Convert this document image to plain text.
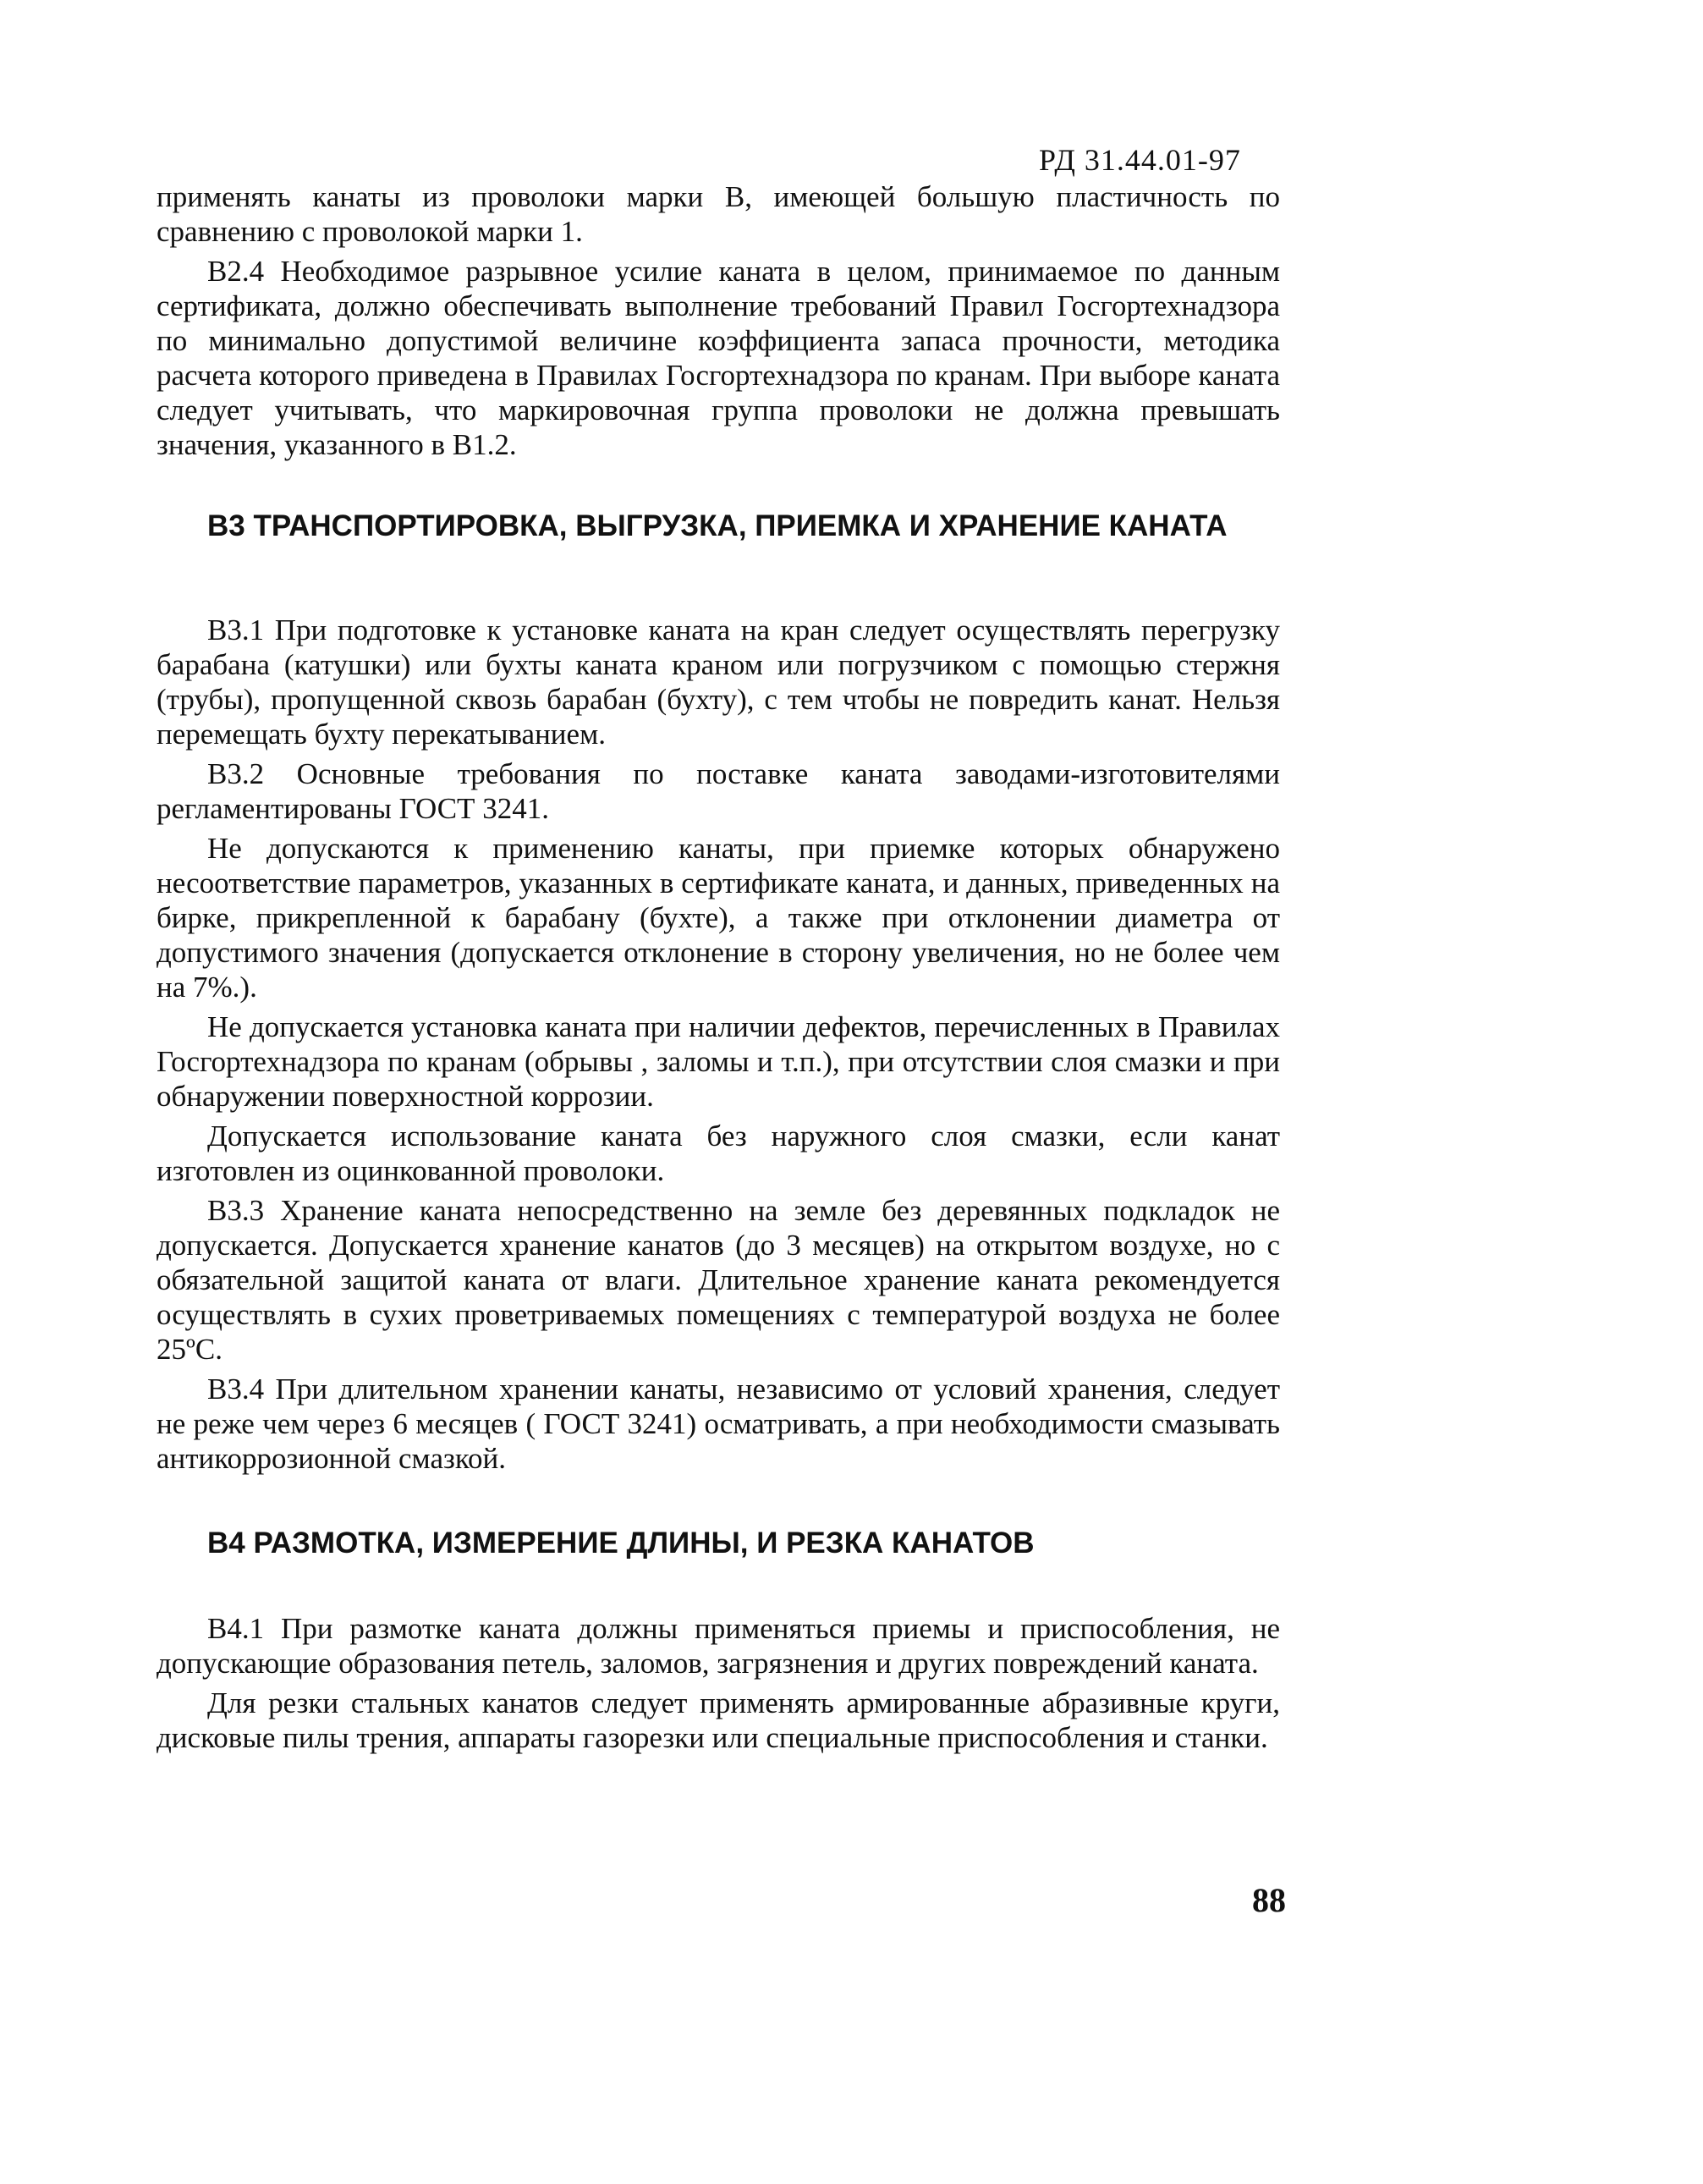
РД 31.44.01-97

применять канаты из проволоки марки В, имеющей большую пластичность по сравнению с проволокой марки 1.

В2.4 Необходимое разрывное усилие каната в целом, принимаемое по данным сертификата, должно обеспечивать выполнение требований Правил Госгортехнадзора по минимально допустимой величине коэффициента запаса прочности, методика расчета которого приведена в Правилах Госгортехнадзора по кранам. При выборе каната следует учитывать, что маркировочная группа проволоки не должна превышать значения, указанного в В1.2.

В3 ТРАНСПОРТИРОВКА, ВЫГРУЗКА, ПРИЕМКА И ХРАНЕНИЕ КАНАТА

В3.1 При подготовке к установке каната на кран следует осуществлять перегрузку барабана (катушки) или бухты каната краном или погрузчиком с помощью стержня (трубы), пропущенной сквозь барабан (бухту), с тем чтобы не повредить канат. Нельзя перемещать бухту перекатыванием.

В3.2 Основные требования по поставке каната заводами-изготовителями регламентированы ГОСТ 3241.

Не допускаются к применению канаты, при приемке которых обнаружено несоответствие параметров, указанных в сертификате каната, и данных, приведенных на бирке, прикрепленной к барабану (бухте), а также при отклонении диаметра от допустимого значения (допускается отклонение в сторону увеличения, но не более чем на 7%.).

Не допускается установка каната при наличии дефектов, перечисленных в Правилах Госгортехнадзора по кранам (обрывы , заломы и т.п.), при отсутствии слоя смазки и при обнаружении поверхностной коррозии.

Допускается использование каната без наружного слоя смазки, если канат изготовлен из оцинкованной проволоки.

В3.3 Хранение каната непосредственно на земле без деревянных подкладок не допускается. Допускается хранение канатов (до 3 месяцев) на открытом воздухе, но с обязательной защитой каната от влаги. Длительное хранение каната рекомендуется осуществлять в сухих проветриваемых помещениях с температурой воздуха не более 25ºС.

В3.4 При длительном хранении канаты, независимо от условий хранения, следует не реже чем через 6 месяцев ( ГОСТ 3241) осматривать, а при необходимости смазывать антикоррозионной смазкой.

В4 РАЗМОТКА, ИЗМЕРЕНИЕ ДЛИНЫ, И РЕЗКА КАНАТОВ

В4.1 При размотке каната должны применяться приемы и приспособления, не допускающие образования петель, заломов, загрязнения и других повреждений каната.

Для резки стальных канатов следует применять армированные абразивные круги, дисковые пилы трения, аппараты газорезки или специальные приспособления и станки.

88
